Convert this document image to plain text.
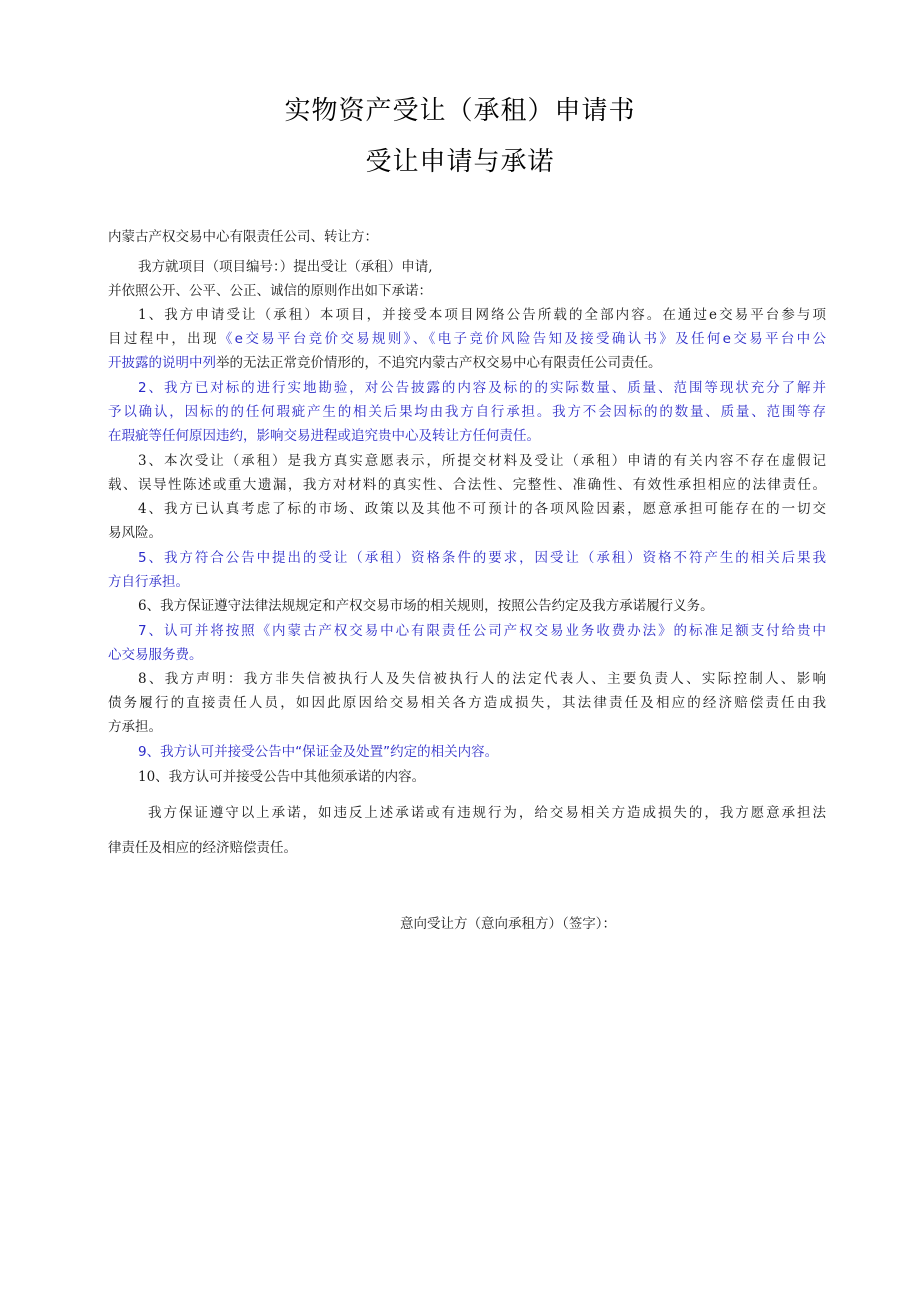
实物资产受让（承租）申请书
受让申请与承诺
内蒙古产权交易中心有限责任公司、转让方：
我方就项目（项目编号：）提出受让（承租）申请,
并依照公开、公平、公正、诚信的原则作出如下承诺：
1、我方申请受让（承租）本项目，并接受本项目网络公告所载的全部内容。在通过e交易平台参与项
目过程中，出现《e交易平台竞价交易规则》、《电子竞价风险告知及接受确认书》及任何e交易平台中公
开披露的说明中列举的无法正常竞价情形的，不追究内蒙古产权交易中心有限责任公司责任。
2、我方已对标的进行实地勘验，对公告披露的内容及标的的实际数量、质量、范围等现状充分了解并
予以确认，因标的的任何瑕疵产生的相关后果均由我方自行承担。我方不会因标的的数量、质量、范围等存
在瑕疵等任何原因违约，影响交易进程或追究贵中心及转让方任何责任。
3、本次受让（承租）是我方真实意愿表示，所提交材料及受让（承租）申请的有关内容不存在虚假记
载、误导性陈述或重大遗漏，我方对材料的真实性、合法性、完整性、准确性、有效性承担相应的法律责任。
4、我方已认真考虑了标的市场、政策以及其他不可预计的各项风险因素，愿意承担可能存在的一切交
易风险。
5、我方符合公告中提出的受让（承租）资格条件的要求，因受让（承租）资格不符产生的相关后果我
方自行承担。
6、我方保证遵守法律法规规定和产权交易市场的相关规则，按照公告约定及我方承诺履行义务。
7、认可并将按照《内蒙古产权交易中心有限责任公司产权交易业务收费办法》的标准足额支付给贵中
心交易服务费。
8、我方声明：我方非失信被执行人及失信被执行人的法定代表人、主要负责人、实际控制人、影响
债务履行的直接责任人员，如因此原因给交易相关各方造成损失，其法律责任及相应的经济赔偿责任由我
方承担。
9、我方认可并接受公告中“保证金及处置”约定的相关内容。
10、我方认可并接受公告中其他须承诺的内容。
我方保证遵守以上承诺，如违反上述承诺或有违规行为，给交易相关方造成损失的，我方愿意承担法
律责任及相应的经济赔偿责任。
意向受让方（意向承租方）（签字）：
